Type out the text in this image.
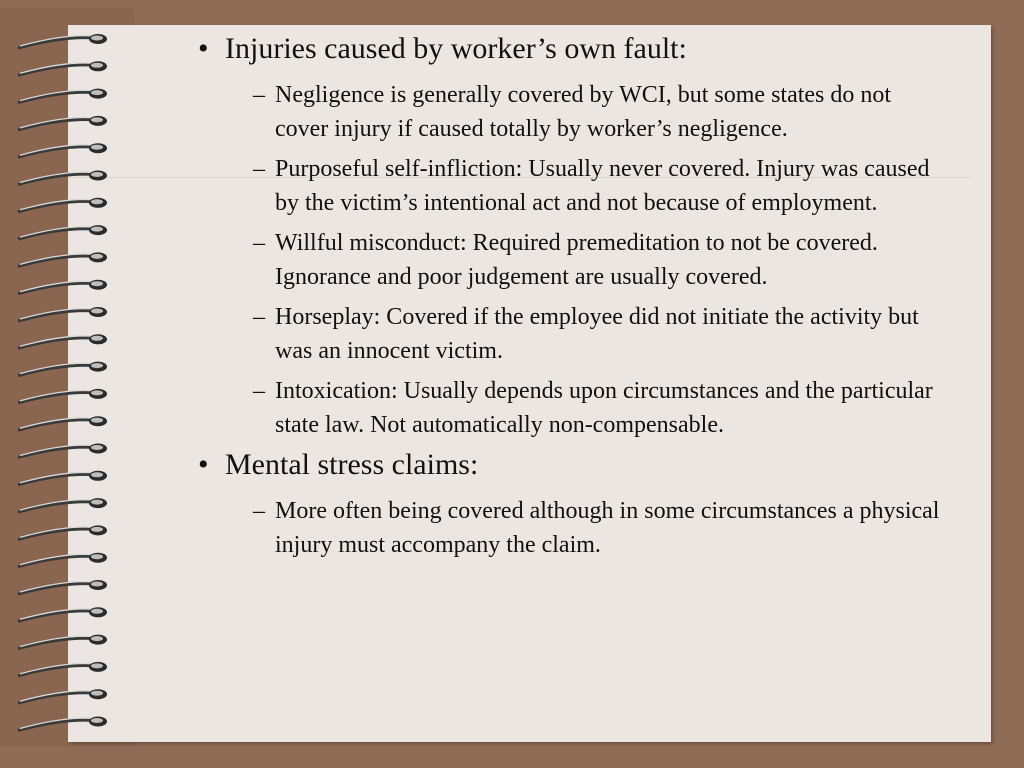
• Injuries caused by worker’s own fault:
– Negligence is generally covered by WCI, but some states do not cover injury if caused totally by worker’s negligence.
– Purposeful self-infliction: Usually never covered. Injury was caused by the victim’s intentional act and not because of employment.
– Willful misconduct: Required premeditation to not be covered. Ignorance and poor judgement are usually covered.
– Horseplay: Covered if the employee did not initiate the activity but was an innocent victim.
– Intoxication: Usually depends upon circumstances and the particular state law. Not automatically non-compensable.
• Mental stress claims:
– More often being covered although in some circumstances a physical injury must accompany the claim.
